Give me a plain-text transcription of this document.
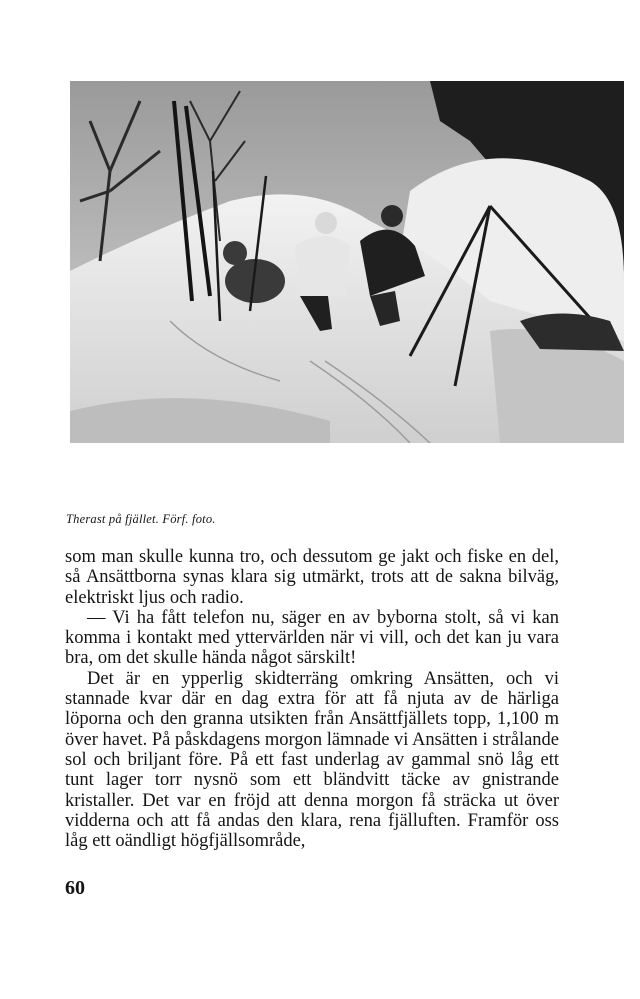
Therast på fjället. Förf. foto.

som man skulle kunna tro, och dessutom ge jakt och fiske en del, så Ansättborna synas klara sig utmärkt, trots att de sakna bilväg, elektriskt ljus och radio.

— Vi ha fått telefon nu, säger en av byborna stolt, så vi kan komma i kontakt med yttervärlden när vi vill, och det kan ju vara bra, om det skulle hända något särskilt!

Det är en ypperlig skidterräng omkring Ansätten, och vi stannade kvar där en dag extra för att få njuta av de härliga löporna och den granna utsikten från Ansättfjällets topp, 1,100 m över havet. På påskdagens morgon lämnade vi Ansätten i strålande sol och briljant före. På ett fast underlag av gammal snö låg ett tunt lager torr nysnö som ett bländvitt täcke av gnistrande kristaller. Det var en fröjd att denna morgon få sträcka ut över vidderna och att få andas den klara, rena fjälluften. Framför oss låg ett oändligt högfjällsområde,

60
